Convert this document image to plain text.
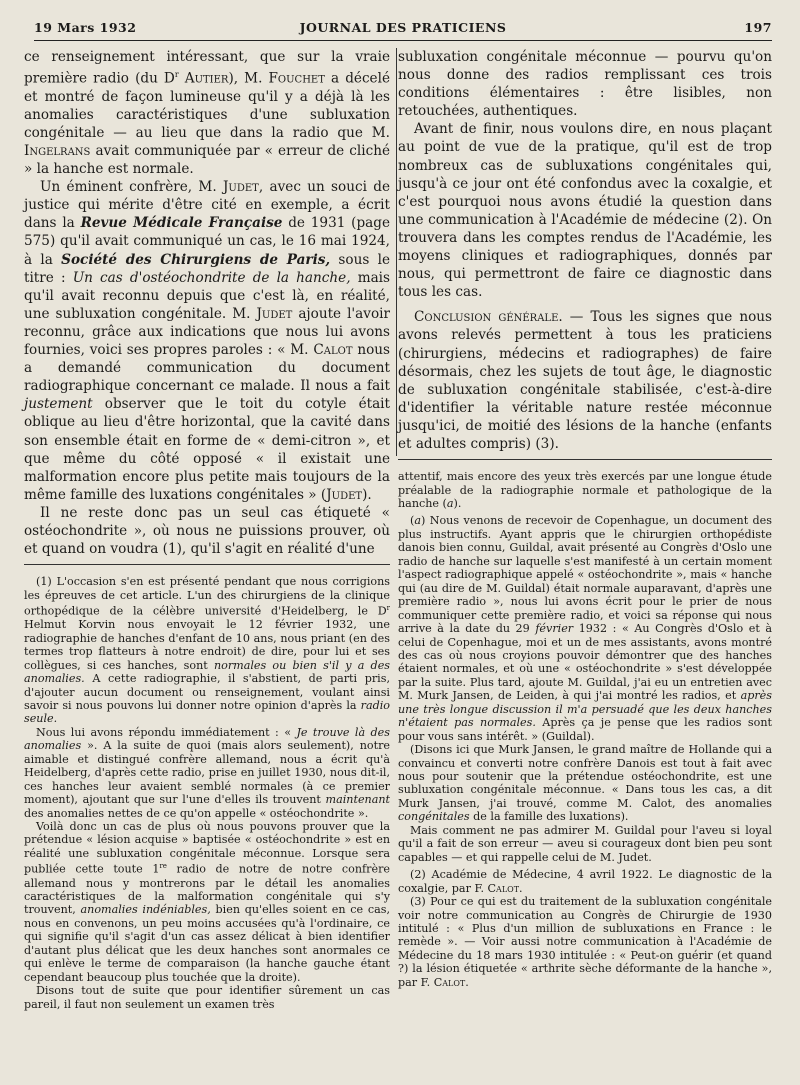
19 Mars 1932	JOURNAL DES PRATICIENS	197

ce renseignement intéressant, que sur la vraie première radio (du $D^r$ Autier), M. Fouchet a décelé et montré de façon lumineuse qu'il y a déjà là les anomalies caractéristiques d'une subluxation congénitale — au lieu que dans la radio que M. Ingelrans avait communiquée par « erreur de cliché » la hanche est normale.

Un éminent confrère, M. Judet, avec un souci de justice qui mérite d'être cité en exemple, a écrit dans la Revue Médicale Française de 1931 (page 575) qu'il avait communiqué un cas, le 16 mai 1924, à la Société des Chirurgiens de Paris, sous le titre : Un cas d'ostéochondrite de la hanche, mais qu'il avait reconnu depuis que c'est là, en réalité, une subluxation congénitale. M. Judet ajoute l'avoir reconnu, grâce aux indications que nous lui avons fournies, voici ses propres paroles : « M. Calot nous a demandé communication du document radiographique concernant ce malade. Il nous a fait justement observer que le toit du cotyle était oblique au lieu d'être horizontal, que la cavité dans son ensemble était en forme de « demi-citron », et que même du côté opposé « il existait une malformation encore plus petite mais toujours de la même famille des luxations congénitales » (Judet).

Il ne reste donc pas un seul cas étiqueté « ostéochondrite », où nous ne puissions prouver, où et quand on voudra (1), qu'il s'agit en réalité d'une

(1) L'occasion s'en est présenté pendant que nous corrigions les épreuves de cet article. L'un des chirurgiens de la clinique orthopédique de la célèbre université d'Heidelberg, le $D^r$ Helmut Korvin nous envoyait le 12 février 1932, une radiographie de hanches d'enfant de 10 ans, nous priant (en des termes trop flatteurs à notre endroit) de dire, pour lui et ses collègues, si ces hanches, sont normales ou bien s'il y a des anomalies. A cette radiographie, il s'abstient, de parti pris, d'ajouter aucun document ou renseignement, voulant ainsi savoir si nous pouvons lui donner notre opinion d'après la radio seule.

Nous lui avons répondu immédiatement : « Je trouve là des anomalies ». A la suite de quoi (mais alors seulement), notre aimable et distingué confrère allemand, nous a écrit qu'à Heidelberg, d'après cette radio, prise en juillet 1930, nous dit-il, ces hanches leur avaient semblé normales (à ce premier moment), ajoutant que sur l'une d'elles ils trouvent maintenant des anomalies nettes de ce qu'on appelle « ostéochondrite ».

Voilà donc un cas de plus où nous pouvons prouver que la prétendue « lésion acquise » baptisée « ostéochondrite » est en réalité une subluxation congénitale méconnue. Lorsque sera publiée cette toute 1re radio de notre de notre confrère allemand nous y montrerons par le détail les anomalies caractéristiques de la malformation congénitale qui s'y trouvent, anomalies indéniables, bien qu'elles soient en ce cas, nous en convenons, un peu moins accusées qu'à l'ordinaire, ce qui signifie qu'il s'agit d'un cas assez délicat à bien identifier d'autant plus délicat que les deux hanches sont anormales ce qui enlève le terme de comparaison (la hanche gauche étant cependant beaucoup plus touchée que la droite).

Disons tout de suite que pour identifier sûrement un cas pareil, il faut non seulement un examen très

subluxation congénitale méconnue — pourvu qu'on nous donne des radios remplissant ces trois conditions élémentaires : être lisibles, non retouchées, authentiques.

Avant de finir, nous voulons dire, en nous plaçant au point de vue de la pratique, qu'il est de trop nombreux cas de subluxations congénitales qui, jusqu'à ce jour ont été confondus avec la coxalgie, et c'est pourquoi nous avons étudié la question dans une communication à l'Académie de médecine (2). On trouvera dans les comptes rendus de l'Académie, les moyens cliniques et radiographiques, donnés par nous, qui permettront de faire ce diagnostic dans tous les cas.

Conclusion générale. — Tous les signes que nous avons relevés permettent à tous les praticiens (chirurgiens, médecins et radiographes) de faire désormais, chez les sujets de tout âge, le diagnostic de subluxation congénitale stabilisée, c'est-à-dire d'identifier la véritable nature restée méconnue jusqu'ici, de moitié des lésions de la hanche (enfants et adultes compris) (3).

attentif, mais encore des yeux très exercés par une longue étude préalable de la radiographie normale et pathologique de la hanche (a).

(a) Nous venons de recevoir de Copenhague, un document des plus instructifs. Ayant appris que le chirurgien orthopédiste danois bien connu, Guildal, avait présenté au Congrès d'Oslo une radio de hanche sur laquelle s'est manifesté à un certain moment l'aspect radiographique appelé « ostéochondrite », mais « hanche qui (au dire de M. Guildal) était normale auparavant, d'après une première radio », nous lui avons écrit pour le prier de nous communiquer cette première radio, et voici sa réponse qui nous arrive à la date du 29 février 1932 : « Au Congrès d'Oslo et à celui de Copenhague, moi et un de mes assistants, avons montré des cas où nous croyions pouvoir démontrer que des hanches étaient normales, et où une « ostéochondrite » s'est développée par la suite. Plus tard, ajoute M. Guildal, j'ai eu un entretien avec M. Murk Jansen, de Leiden, à qui j'ai montré les radios, et après une très longue discussion il m'a persuadé que les deux hanches n'étaient pas normales. Après ça je pense que les radios sont pour vous sans intérêt. » (Guildal).

(Disons ici que Murk Jansen, le grand maître de Hollande qui a convaincu et converti notre confrère Danois est tout à fait avec nous pour soutenir que la prétendue ostéochondrite, est une subluxation congénitale méconnue. « Dans tous les cas, a dit Murk Jansen, j'ai trouvé, comme M. Calot, des anomalies congénitales de la famille des luxations).

Mais comment ne pas admirer M. Guildal pour l'aveu si loyal qu'il a fait de son erreur — aveu si courageux dont bien peu sont capables — et qui rappelle celui de M. Judet.

(2) Académie de Médecine, 4 avril 1922. Le diagnostic de la coxalgie, par F. Calot.

(3) Pour ce qui est du traitement de la subluxation congénitale voir notre communication au Congrès de Chirurgie de 1930 intitulé : « Plus d'un million de subluxations en France : le remède ». — Voir aussi notre communication à l'Académie de Médecine du 18 mars 1930 intitulée : « Peut-on guérir (et quand ?) la lésion étiquetée « arthrite sèche déformante de la hanche », par F. Calot.
